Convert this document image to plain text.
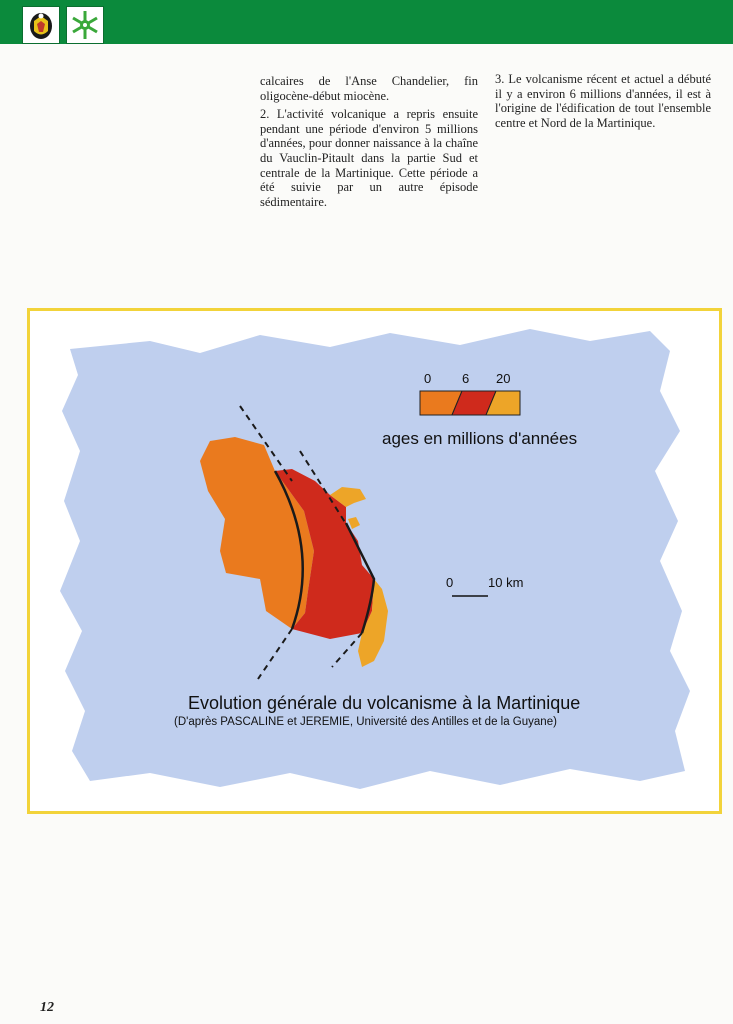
calcaires de l'Anse Chandelier, fin oligocène-début miocène.

2. L'activité volcanique a repris ensuite pendant une période d'environ 5 millions d'années, pour donner naissance à la chaîne du Vauclin-Pitault dans la partie Sud et centrale de la Martinique. Cette période a été suivie par un autre épisode sédimentaire.

3. Le volcanisme récent et actuel a débuté il y a environ 6 millions d'années, il est à l'origine de l'édification de tout l'ensemble centre et Nord de la Martinique.

0 6 20
ages en millions d'années
0	10 km
Evolution générale du volcanisme à la Martinique
(D'après PASCALINE et JEREMIE, Université des Antilles et de la Guyane)
12
